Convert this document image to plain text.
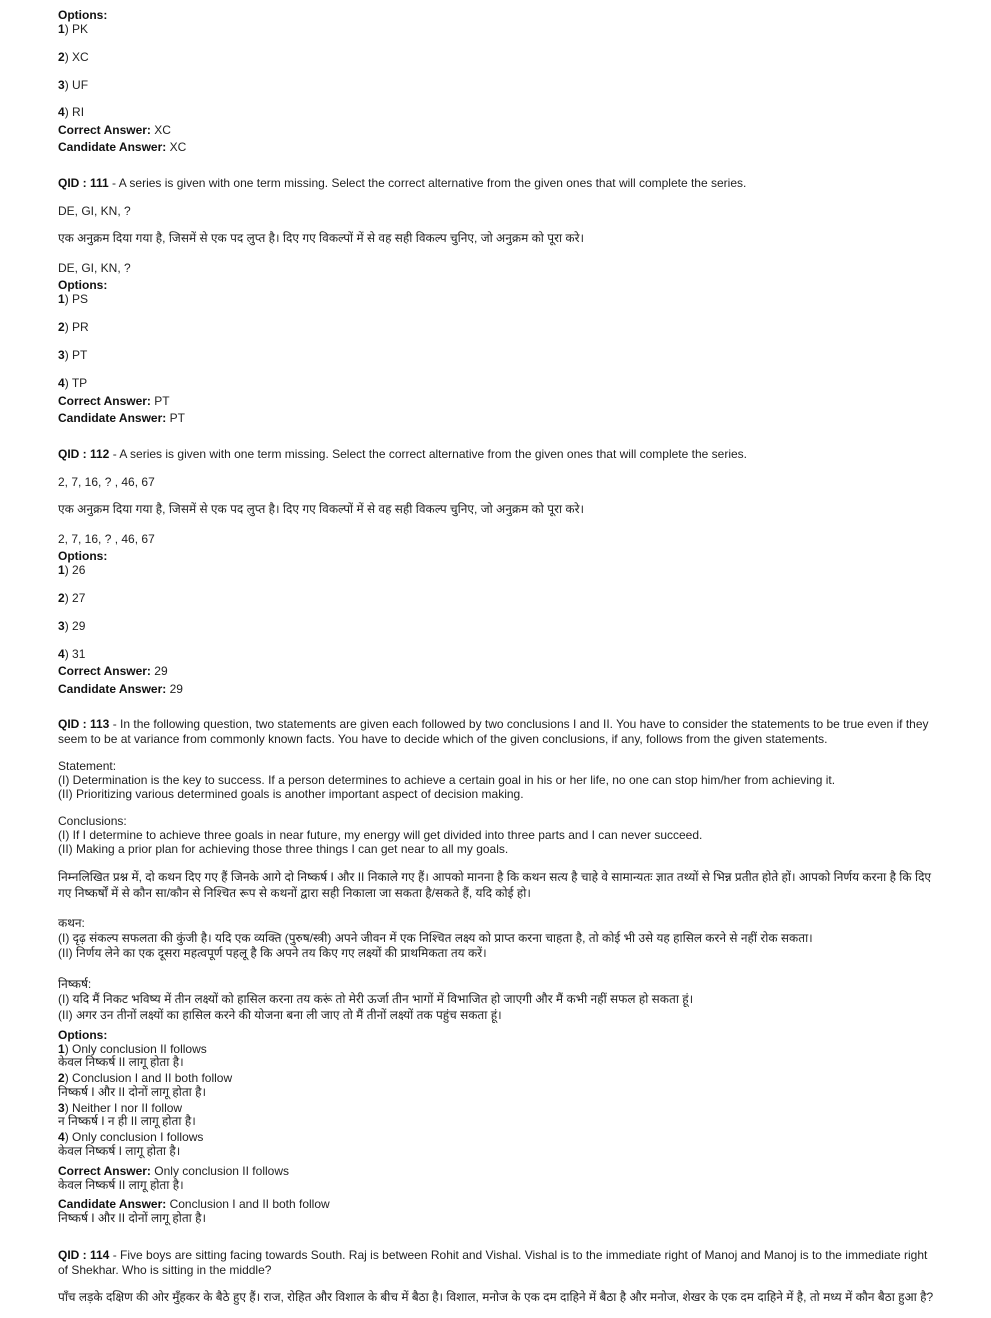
Options:
1) PK
2) XC
3) UF
4) RI
Correct Answer: XC
Candidate Answer: XC
QID : 111 - A series is given with one term missing. Select the correct alternative from the given ones that will complete the series.
DE, GI, KN, ?
एक अनुक्रम दिया गया है, जिसमें से एक पद लुप्त है। दिए गए विकल्पों में से वह सही विकल्प चुनिए, जो अनुक्रम को पूरा करे।
DE, GI, KN, ?
Options:
1) PS
2) PR
3) PT
4) TP
Correct Answer: PT
Candidate Answer: PT
QID : 112 - A series is given with one term missing. Select the correct alternative from the given ones that will complete the series.
2, 7, 16, ? , 46, 67
एक अनुक्रम दिया गया है, जिसमें से एक पद लुप्त है। दिए गए विकल्पों में से वह सही विकल्प चुनिए, जो अनुक्रम को पूरा करे।
2, 7, 16, ? , 46, 67
Options:
1) 26
2) 27
3) 29
4) 31
Correct Answer: 29
Candidate Answer: 29
QID : 113 - In the following question, two statements are given each followed by two conclusions I and II. You have to consider the statements to be true even if they seem to be at variance from commonly known facts. You have to decide which of the given conclusions, if any, follows from the given statements.
Statement:
(I) Determination is the key to success. If a person determines to achieve a certain goal in his or her life, no one can stop him/her from achieving it.
(II) Prioritizing various determined goals is another important aspect of decision making.
Conclusions:
(I) If I determine to achieve three goals in near future, my energy will get divided into three parts and I can never succeed.
(II) Making a prior plan for achieving those three things I can get near to all my goals.
निम्नलिखित प्रश्न में, दो कथन दिए गए हैं जिनके आगे दो निष्कर्ष I और II निकाले गए हैं। आपको मानना है कि कथन सत्य है चाहे वे सामान्यतः ज्ञात तथ्यों से भिन्न प्रतीत होते हों। आपको निर्णय करना है कि दिए गए निष्कर्षों में से कौन सा/कौन से निश्चित रूप से कथनों द्वारा सही निकाला जा सकता है/सकते हैं, यदि कोई हो।
कथन:
(I) दृढ़ संकल्प सफलता की कुंजी है। यदि एक व्यक्ति (पुरुष/स्त्री) अपने जीवन में एक निश्चित लक्ष्य को प्राप्त करना चाहता है, तो कोई भी उसे यह हासिल करने से नहीं रोक सकता।
(II) निर्णय लेने का एक दूसरा महत्वपूर्ण पहलू है कि अपने तय किए गए लक्ष्यों की प्राथमिकता तय करें।
निष्कर्ष:
(I) यदि मैं निकट भविष्य में तीन लक्ष्यों को हासिल करना तय करूं तो मेरी ऊर्जा तीन भागों में विभाजित हो जाएगी और मैं कभी नहीं सफल हो सकता हूं।
(II) अगर उन तीनों लक्ष्यों का हासिल करने की योजना बना ली जाए तो मैं तीनों लक्ष्यों तक पहुंच सकता हूं।
Options:
1) Only conclusion II follows
केवल निष्कर्ष II लागू होता है।
2) Conclusion I and II both follow
निष्कर्ष I और II दोनों लागू होता है।
3) Neither I nor II follow
न निष्कर्ष I न ही II लागू होता है।
4) Only conclusion I follows
केवल निष्कर्ष I लागू होता है।
Correct Answer: Only conclusion II follows
केवल निष्कर्ष II लागू होता है।
Candidate Answer: Conclusion I and II both follow
निष्कर्ष I और II दोनों लागू होता है।
QID : 114 - Five boys are sitting facing towards South. Raj is between Rohit and Vishal. Vishal is to the immediate right of Manoj and Manoj is to the immediate right of Shekhar. Who is sitting in the middle?
पाँच लड़के दक्षिण की ओर मुँहकर के बैठे हुए हैं। राज, रोहित और विशाल के बीच में बैठा है। विशाल, मनोज के एक दम दाहिने में बैठा है और मनोज, शेखर के एक दम दाहिने में है, तो मध्य में कौन बैठा हुआ है?
